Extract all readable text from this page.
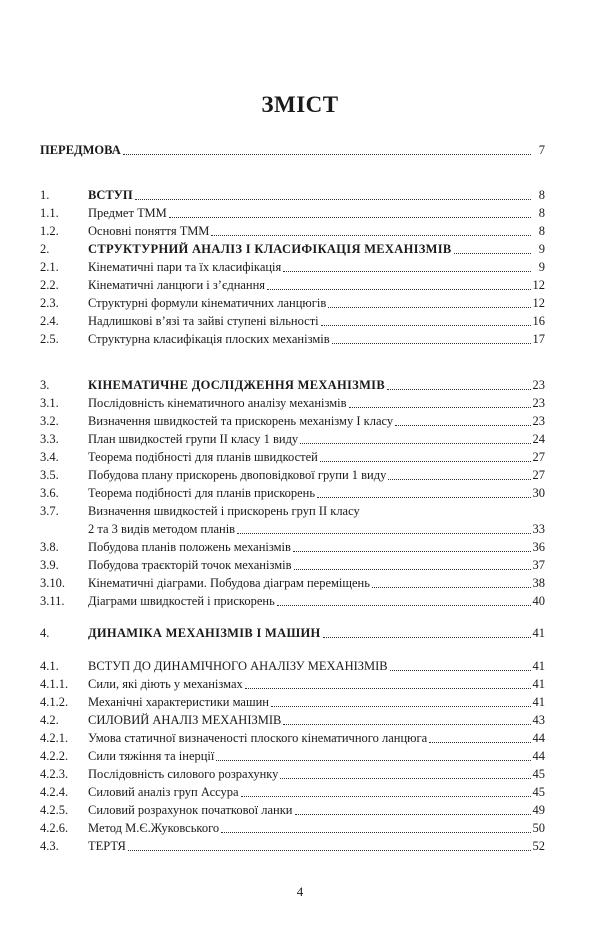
ЗМІСТ
ПЕРЕДМОВА	7
1.	ВСТУП	8
1.1.	Предмет ТММ	8
1.2.	Основні поняття ТММ	8
2.	СТРУКТУРНИЙ АНАЛІЗ І КЛАСИФІКАЦІЯ МЕХАНІЗМІВ	9
2.1.	Кінематичні пари та їх класифікація	9
2.2.	Кінематичні ланцюги і з’єднання	12
2.3.	Структурні формули кінематичних ланцюгів	12
2.4.	Надлишкові в’язі та зайві ступені вільності	16
2.5.	Структурна класифікація плоских механізмів	17
3.	КІНЕМАТИЧНЕ ДОСЛІДЖЕННЯ МЕХАНІЗМІВ	23
3.1.	Послідовність кінематичного аналізу механізмів	23
3.2.	Визначення швидкостей та прискорень механізму І класу	23
3.3.	План швидкостей групи ІІ класу 1 виду	24
3.4.	Теорема подібності для планів швидкостей	27
3.5.	Побудова плану прискорень двоповідкової групи 1 виду	27
3.6.	Теорема подібності для планів прискорень	30
3.7.	Визначення швидкостей і прискорень груп ІІ класу
2 та 3 видів методом планів	33
3.8.	Побудова планів положень механізмів	36
3.9.	Побудова траєкторій точок механізмів	37
3.10.	Кінематичні діаграми. Побудова діаграм переміщень	38
3.11.	Діаграми швидкостей і прискорень	40
4.	ДИНАМІКА МЕХАНІЗМІВ І МАШИН	41
4.1.	ВСТУП ДО ДИНАМІЧНОГО АНАЛІЗУ МЕХАНІЗМІВ	41
4.1.1.	Сили, які діють у механізмах	41
4.1.2.	Механічні характеристики машин	41
4.2.	СИЛОВИЙ АНАЛІЗ МЕХАНІЗМІВ	43
4.2.1.	Умова статичної визначеності плоского кінематичного ланцюга	44
4.2.2.	Сили тяжіння та інерції	44
4.2.3.	Послідовність силового розрахунку	45
4.2.4.	Силовий аналіз груп Ассура	45
4.2.5.	Силовий розрахунок початкової ланки	49
4.2.6.	Метод М.Є.Жуковського	50
4.3.	ТЕРТЯ	52
4
